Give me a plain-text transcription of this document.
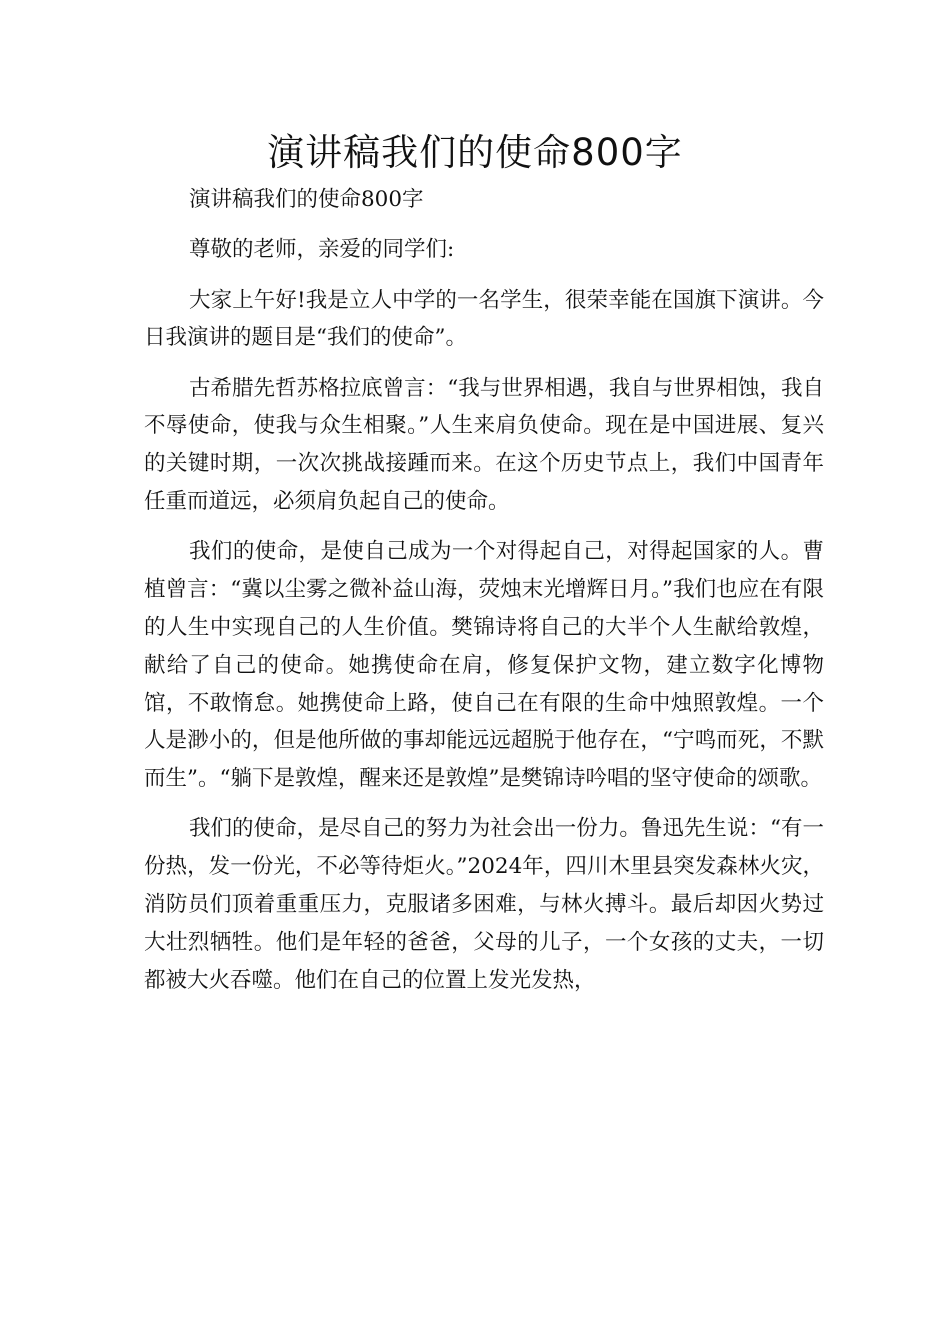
演讲稿我们的使命800字

演讲稿我们的使命800字

尊敬的老师，亲爱的同学们:

大家上午好!我是立人中学的一名学生，很荣幸能在国旗下演讲。今日我演讲的题目是“我们的使命”。

古希腊先哲苏格拉底曾言：“我与世界相遇，我自与世界相蚀，我自不辱使命，使我与众生相聚。”人生来肩负使命。现在是中国进展、复兴的关键时期，一次次挑战接踵而来。在这个历史节点上，我们中国青年任重而道远，必须肩负起自己的使命。

我们的使命，是使自己成为一个对得起自己，对得起国家的人。曹植曾言：“冀以尘雾之微补益山海，荧烛末光增辉日月。”我们也应在有限的人生中实现自己的人生价值。樊锦诗将自己的大半个人生献给敦煌，献给了自己的使命。她携使命在肩，修复保护文物，建立数字化博物馆，不敢惰怠。她携使命上路，使自己在有限的生命中烛照敦煌。一个人是渺小的，但是他所做的事却能远远超脱于他存在，“宁鸣而死，不默而生”。“躺下是敦煌，醒来还是敦煌”是樊锦诗吟唱的坚守使命的颂歌。

我们的使命，是尽自己的努力为社会出一份力。鲁迅先生说：“有一份热，发一份光，不必等待炬火。”2024年，四川木里县突发森林火灾，消防员们顶着重重压力，克服诸多困难，与林火搏斗。最后却因火势过大壮烈牺牲。他们是年轻的爸爸，父母的儿子，一个女孩的丈夫，一切都被大火吞噬。他们在自己的位置上发光发热，
